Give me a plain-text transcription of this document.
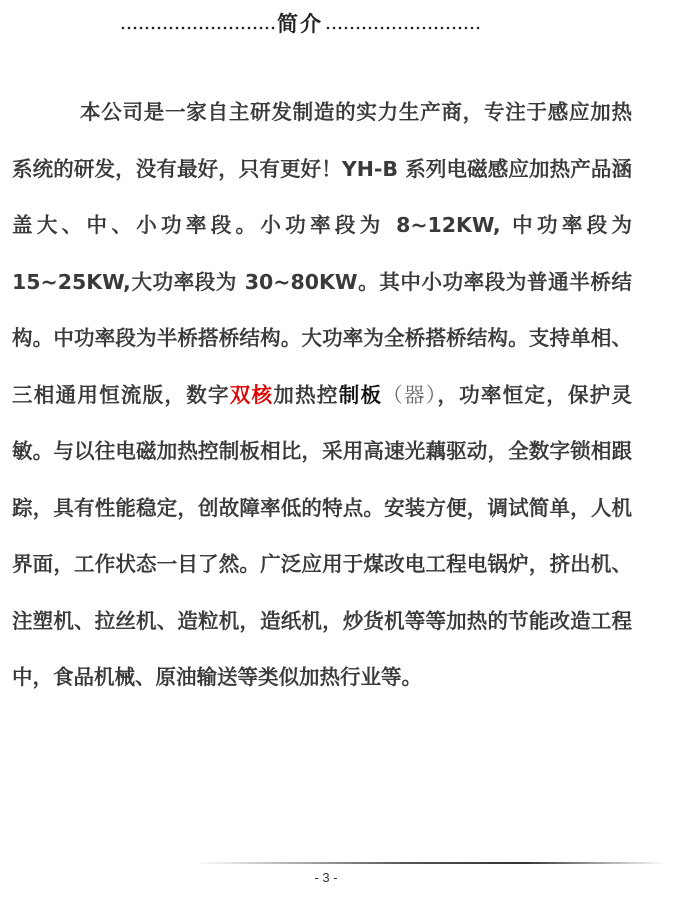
简介

本公司是一家自主研发制造的实力生产商，专注于感应加热系统的研发，没有最好，只有更好！YH-B 系列电磁感应加热产品涵盖大、中、小功率段。小功率段为 8~12KW, 中功率段为 15~25KW,大功率段为 30~80KW。其中小功率段为普通半桥结构。中功率段为半桥搭桥结构。大功率为全桥搭桥结构。支持单相、三相通用恒流版，数字双核加热控制板（器），功率恒定，保护灵敏。与以往电磁加热控制板相比，采用高速光藕驱动，全数字锁相跟踪，具有性能稳定，创故障率低的特点。安装方便，调试简单，人机界面，工作状态一目了然。广泛应用于煤改电工程电锅炉，挤出机、注塑机、拉丝机、造粒机，造纸机，炒货机等等加热的节能改造工程中，食品机械、原油输送等类似加热行业等。

- 3 -
